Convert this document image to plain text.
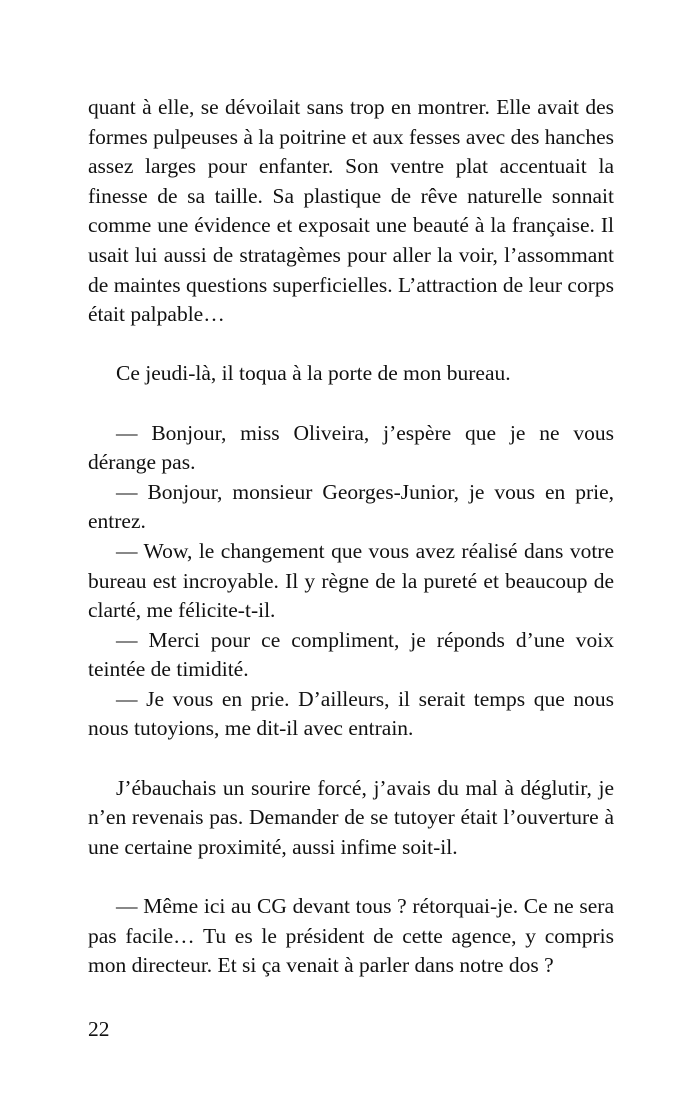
quant à elle, se dévoilait sans trop en montrer. Elle avait des formes pulpeuses à la poitrine et aux fesses avec des hanches assez larges pour enfanter. Son ventre plat accentuait la finesse de sa taille. Sa plastique de rêve naturelle sonnait comme une évidence et exposait une beauté à la française. Il usait lui aussi de stratagèmes pour aller la voir, l’assommant de maintes questions superficielles. L’attraction de leur corps était palpable…

Ce jeudi-là, il toqua à la porte de mon bureau.

— Bonjour, miss Oliveira, j’espère que je ne vous dérange pas.

— Bonjour, monsieur Georges-Junior, je vous en prie, entrez.

— Wow, le changement que vous avez réalisé dans votre bureau est incroyable. Il y règne de la pureté et beaucoup de clarté, me félicite-t-il.

— Merci pour ce compliment, je réponds d’une voix teintée de timidité.

— Je vous en prie. D’ailleurs, il serait temps que nous nous tutoyions, me dit-il avec entrain.

J’ébauchais un sourire forcé, j’avais du mal à déglutir, je n’en revenais pas. Demander de se tutoyer était l’ouverture à une certaine proximité, aussi infime soit-il.

— Même ici au CG devant tous ? rétorquai-je. Ce ne sera pas facile… Tu es le président de cette agence, y compris mon directeur. Et si ça venait à parler dans notre dos ?

22
